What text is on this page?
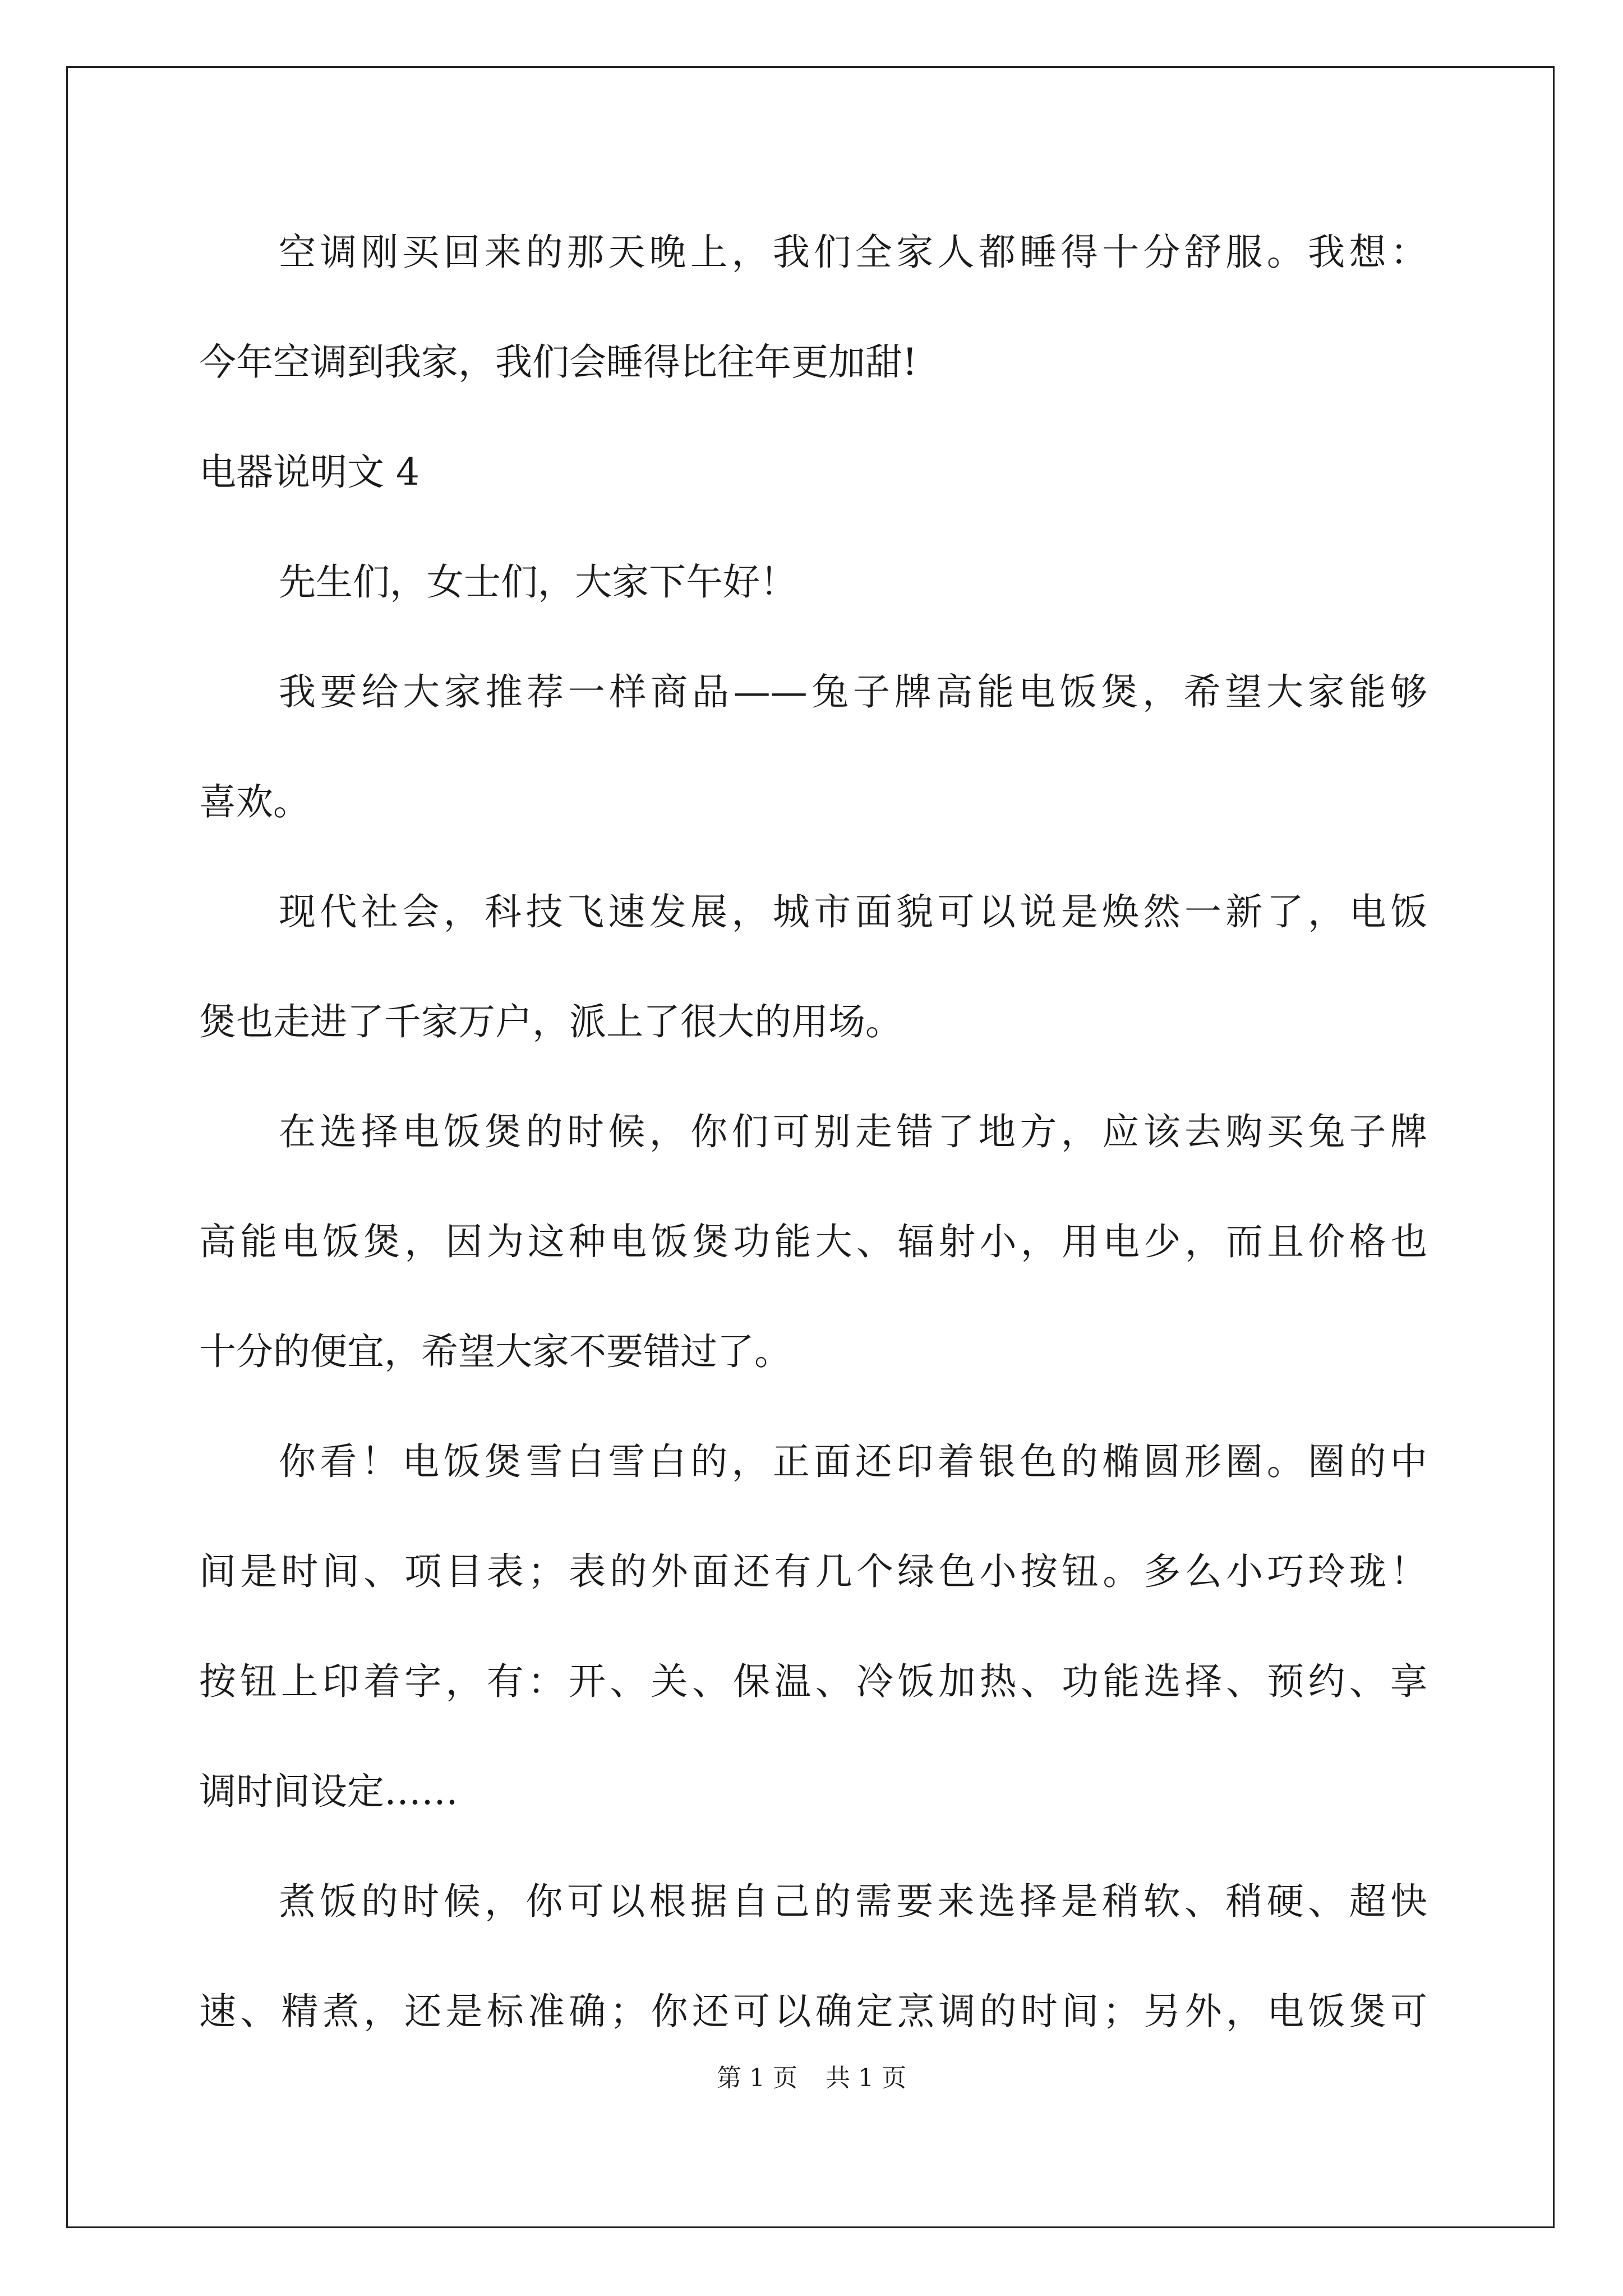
空调刚买回来的那天晚上，我们全家人都睡得十分舒服。我想：
今年空调到我家，我们会睡得比往年更加甜!
电器说明文 4
先生们，女士们，大家下午好！
我要给大家推荐一样商品——兔子牌高能电饭煲，希望大家能够
喜欢。
现代社会，科技飞速发展，城市面貌可以说是焕然一新了，电饭
煲也走进了千家万户，派上了很大的用场。
在选择电饭煲的时候，你们可别走错了地方，应该去购买兔子牌
高能电饭煲，因为这种电饭煲功能大、辐射小，用电少，而且价格也
十分的便宜，希望大家不要错过了。
你看！电饭煲雪白雪白的，正面还印着银色的椭圆形圈。圈的中
间是时间、项目表；表的外面还有几个绿色小按钮。多么小巧玲珑！
按钮上印着字，有：开、关、保温、冷饭加热、功能选择、预约、享
调时间设定……
煮饭的时候，你可以根据自己的需要来选择是稍软、稍硬、超快
速、精煮，还是标准确；你还可以确定烹调的时间；另外，电饭煲可
第 1 页 共 1 页
